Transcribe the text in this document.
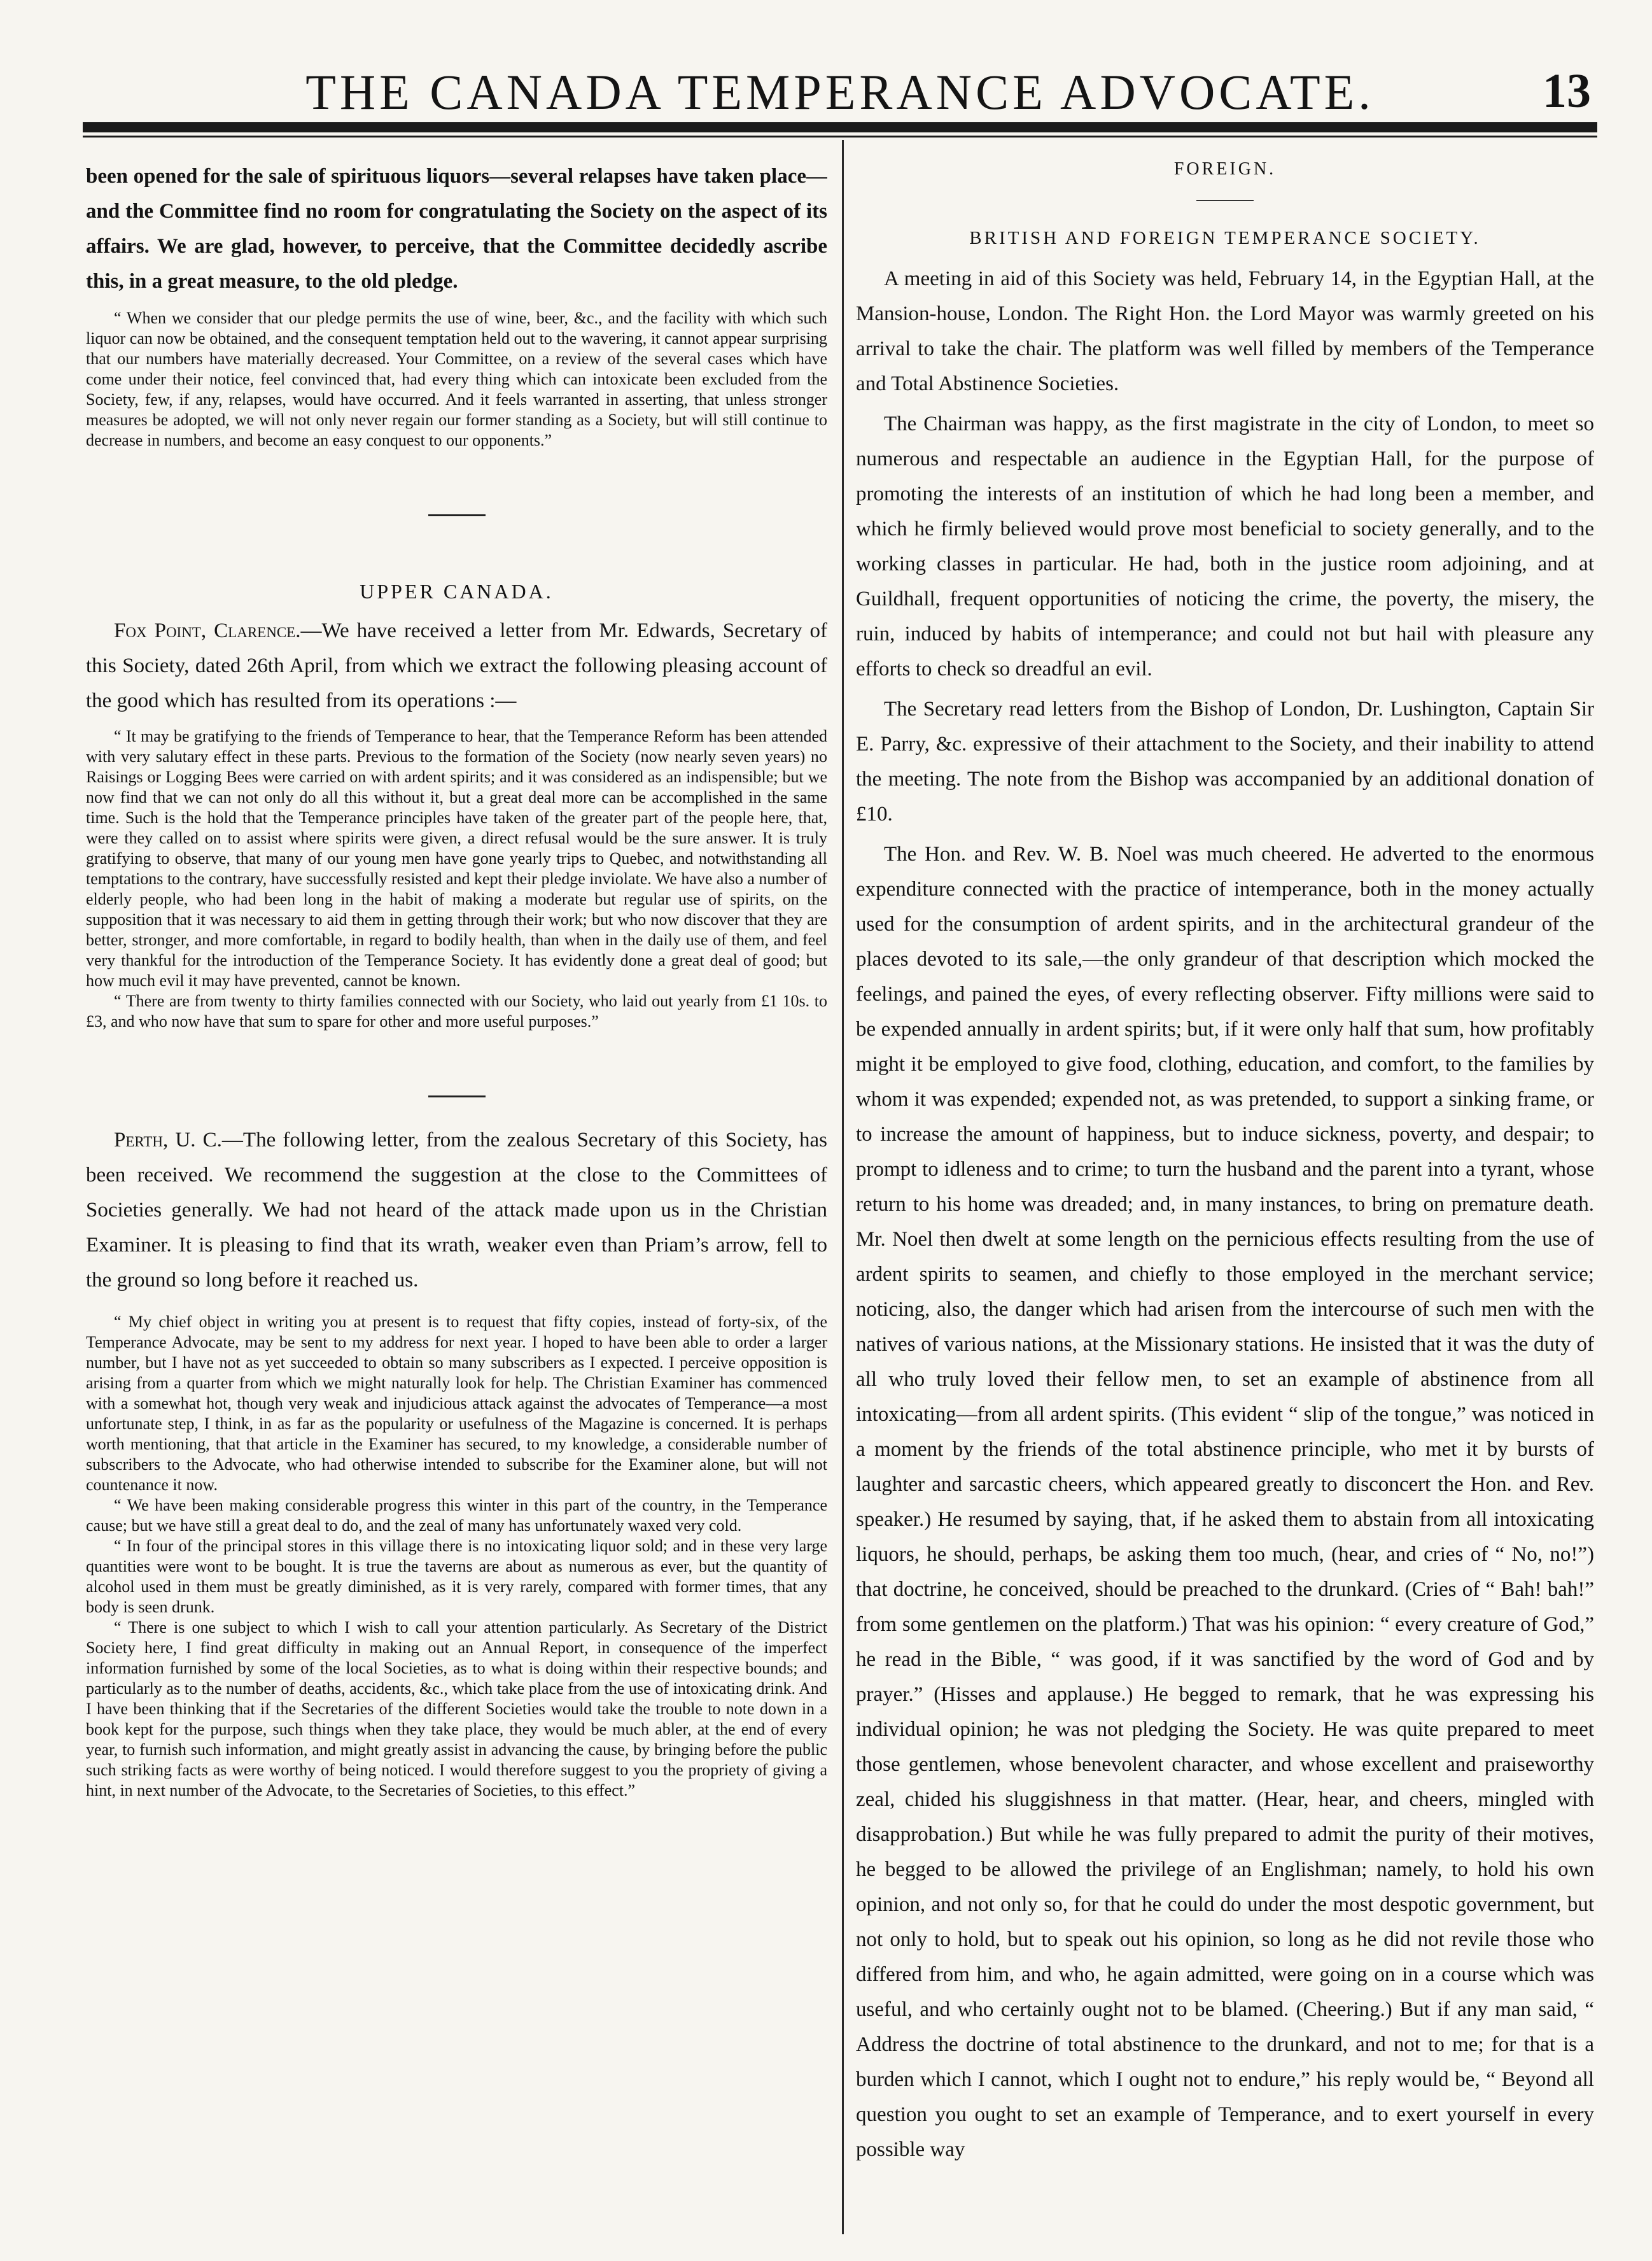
THE CANADA TEMPERANCE ADVOCATE.	13

been opened for the sale of spirituous liquors—several relapses have taken place—and the Committee find no room for congratulating the Society on the aspect of its affairs. We are glad, however, to perceive, that the Committee decidedly ascribe this, in a great measure, to the old pledge.

“ When we consider that our pledge permits the use of wine, beer, &c., and the facility with which such liquor can now be obtained, and the consequent temptation held out to the wavering, it cannot appear surprising that our numbers have materially decreased. Your Committee, on a review of the several cases which have come under their notice, feel convinced that, had every thing which can intoxicate been excluded from the Society, few, if any, relapses, would have occurred. And it feels warranted in asserting, that unless stronger measures be adopted, we will not only never regain our former standing as a Society, but will still continue to decrease in numbers, and become an easy conquest to our opponents.”

UPPER CANADA.

Fox Point, Clarence.—We have received a letter from Mr. Edwards, Secretary of this Society, dated 26th April, from which we extract the following pleasing account of the good which has resulted from its operations :—

“ It may be gratifying to the friends of Temperance to hear, that the Temperance Reform has been attended with very salutary effect in these parts. Previous to the formation of the Society (now nearly seven years) no Raisings or Logging Bees were carried on with ardent spirits; and it was considered as an indispensible; but we now find that we can not only do all this without it, but a great deal more can be accomplished in the same time. Such is the hold that the Temperance principles have taken of the greater part of the people here, that, were they called on to assist where spirits were given, a direct refusal would be the sure answer. It is truly gratifying to observe, that many of our young men have gone yearly trips to Quebec, and notwithstanding all temptations to the contrary, have successfully resisted and kept their pledge inviolate. We have also a number of elderly people, who had been long in the habit of making a moderate but regular use of spirits, on the supposition that it was necessary to aid them in getting through their work; but who now discover that they are better, stronger, and more comfortable, in regard to bodily health, than when in the daily use of them, and feel very thankful for the introduction of the Temperance Society. It has evidently done a great deal of good; but how much evil it may have prevented, cannot be known.

“ There are from twenty to thirty families connected with our Society, who laid out yearly from £1 10s. to £3, and who now have that sum to spare for other and more useful purposes.”

Perth, U. C.—The following letter, from the zealous Secretary of this Society, has been received. We recommend the suggestion at the close to the Committees of Societies generally. We had not heard of the attack made upon us in the Christian Examiner. It is pleasing to find that its wrath, weaker even than Priam’s arrow, fell to the ground so long before it reached us.

“ My chief object in writing you at present is to request that fifty copies, instead of forty-six, of the Temperance Advocate, may be sent to my address for next year. I hoped to have been able to order a larger number, but I have not as yet succeeded to obtain so many subscribers as I expected. I perceive opposition is arising from a quarter from which we might naturally look for help. The Christian Examiner has commenced with a somewhat hot, though very weak and injudicious attack against the advocates of Temperance—a most unfortunate step, I think, in as far as the popularity or usefulness of the Magazine is concerned. It is perhaps worth mentioning, that that article in the Examiner has secured, to my knowledge, a considerable number of subscribers to the Advocate, who had otherwise intended to subscribe for the Examiner alone, but will not countenance it now.

“ We have been making considerable progress this winter in this part of the country, in the Temperance cause; but we have still a great deal to do, and the zeal of many has unfortunately waxed very cold.

“ In four of the principal stores in this village there is no intoxicating liquor sold; and in these very large quantities were wont to be bought. It is true the taverns are about as numerous as ever, but the quantity of alcohol used in them must be greatly diminished, as it is very rarely, compared with former times, that any body is seen drunk.

“ There is one subject to which I wish to call your attention particularly. As Secretary of the District Society here, I find great difficulty in making out an Annual Report, in consequence of the imperfect information furnished by some of the local Societies, as to what is doing within their respective bounds; and particularly as to the number of deaths, accidents, &c., which take place from the use of intoxicating drink. And I have been thinking that if the Secretaries of the different Societies would take the trouble to note down in a book kept for the purpose, such things when they take place, they would be much abler, at the end of every year, to furnish such information, and might greatly assist in advancing the cause, by bringing before the public such striking facts as were worthy of being noticed. I would therefore suggest to you the propriety of giving a hint, in next number of the Advocate, to the Secretaries of Societies, to this effect.”

FOREIGN.

BRITISH AND FOREIGN TEMPERANCE SOCIETY.

A meeting in aid of this Society was held, February 14, in the Egyptian Hall, at the Mansion-house, London. The Right Hon. the Lord Mayor was warmly greeted on his arrival to take the chair. The platform was well filled by members of the Temperance and Total Abstinence Societies.

The Chairman was happy, as the first magistrate in the city of London, to meet so numerous and respectable an audience in the Egyptian Hall, for the purpose of promoting the interests of an institution of which he had long been a member, and which he firmly believed would prove most beneficial to society generally, and to the working classes in particular. He had, both in the justice room adjoining, and at Guildhall, frequent opportunities of noticing the crime, the poverty, the misery, the ruin, induced by habits of intemperance; and could not but hail with pleasure any efforts to check so dreadful an evil.

The Secretary read letters from the Bishop of London, Dr. Lushington, Captain Sir E. Parry, &c. expressive of their attachment to the Society, and their inability to attend the meeting. The note from the Bishop was accompanied by an additional donation of £10.

The Hon. and Rev. W. B. Noel was much cheered. He adverted to the enormous expenditure connected with the practice of intemperance, both in the money actually used for the consumption of ardent spirits, and in the architectural grandeur of the places devoted to its sale,—the only grandeur of that description which mocked the feelings, and pained the eyes, of every reflecting observer. Fifty millions were said to be expended annually in ardent spirits; but, if it were only half that sum, how profitably might it be employed to give food, clothing, education, and comfort, to the families by whom it was expended; expended not, as was pretended, to support a sinking frame, or to increase the amount of happiness, but to induce sickness, poverty, and despair; to prompt to idleness and to crime; to turn the husband and the parent into a tyrant, whose return to his home was dreaded; and, in many instances, to bring on premature death. Mr. Noel then dwelt at some length on the pernicious effects resulting from the use of ardent spirits to seamen, and chiefly to those employed in the merchant service; noticing, also, the danger which had arisen from the intercourse of such men with the natives of various nations, at the Missionary stations. He insisted that it was the duty of all who truly loved their fellow men, to set an example of abstinence from all intoxicating—from all ardent spirits. (This evident “ slip of the tongue,” was noticed in a moment by the friends of the total abstinence principle, who met it by bursts of laughter and sarcastic cheers, which appeared greatly to disconcert the Hon. and Rev. speaker.) He resumed by saying, that, if he asked them to abstain from all intoxicating liquors, he should, perhaps, be asking them too much, (hear, and cries of “ No, no!”) that doctrine, he conceived, should be preached to the drunkard. (Cries of “ Bah! bah!” from some gentlemen on the platform.) That was his opinion: “ every creature of God,” he read in the Bible, “ was good, if it was sanctified by the word of God and by prayer.” (Hisses and applause.) He begged to remark, that he was expressing his individual opinion; he was not pledging the Society. He was quite prepared to meet those gentlemen, whose benevolent character, and whose excellent and praiseworthy zeal, chided his sluggishness in that matter. (Hear, hear, and cheers, mingled with disapprobation.) But while he was fully prepared to admit the purity of their motives, he begged to be allowed the privilege of an Englishman; namely, to hold his own opinion, and not only so, for that he could do under the most despotic government, but not only to hold, but to speak out his opinion, so long as he did not revile those who differed from him, and who, he again admitted, were going on in a course which was useful, and who certainly ought not to be blamed. (Cheering.) But if any man said, “ Address the doctrine of total abstinence to the drunkard, and not to me; for that is a burden which I cannot, which I ought not to endure,” his reply would be, “ Beyond all question you ought to set an example of Temperance, and to exert yourself in every possible way
